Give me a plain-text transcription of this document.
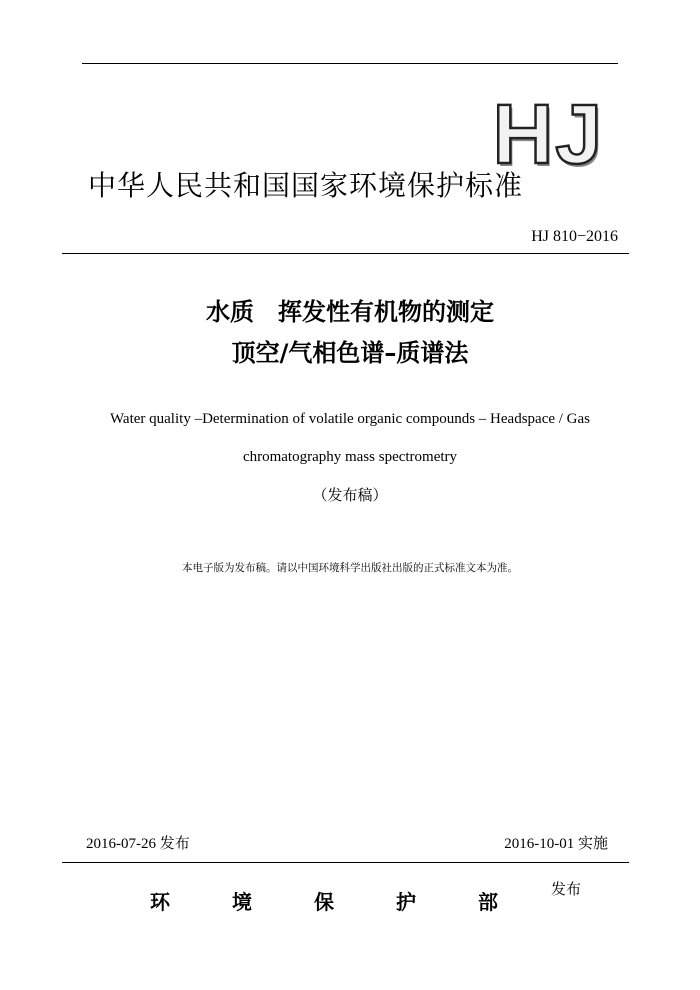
HJ
中华人民共和国国家环境保护标准
HJ 810−2016
水质　挥发性有机物的测定
顶空/气相色谱–质谱法
Water quality –Determination of volatile organic compounds – Headspace / Gas
chromatography mass spectrometry
（发布稿）
本电子版为发布稿。请以中国环境科学出版社出版的正式标准文本为准。
2016-07-26 发布	2016-10-01 实施
环	境	保	护	部
发布
